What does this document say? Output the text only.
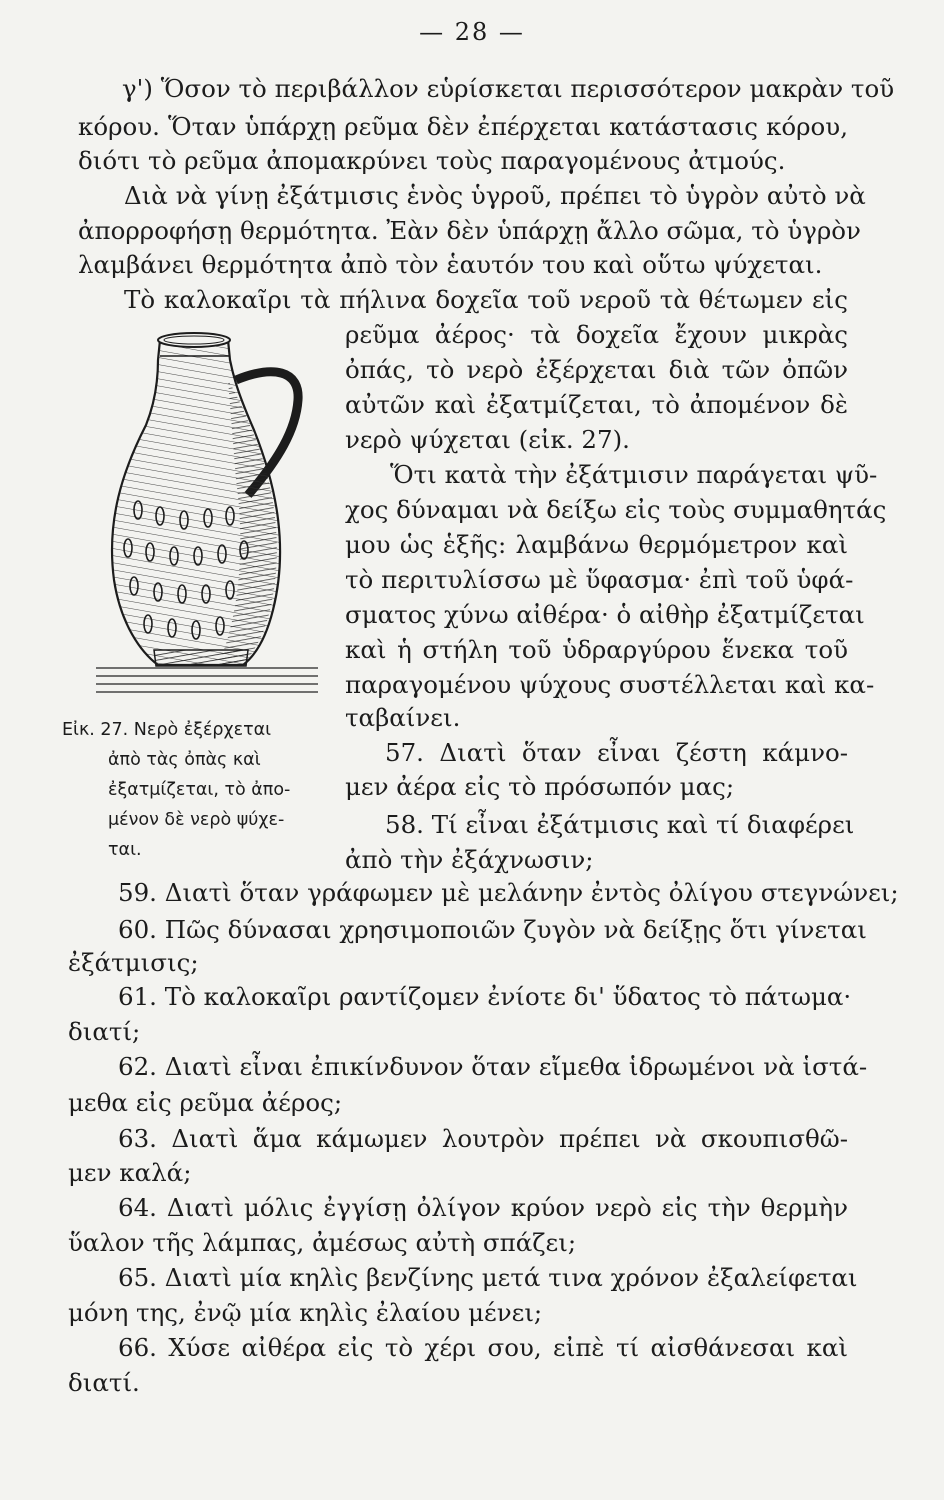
— 28 —
γ') Ὅσον τὸ περιβάλλον εὑρίσκεται περισσότερον μακρὰν τοῦ
κόρου. Ὅταν ὑπάρχῃ ρεῦμα δὲν ἐπέρχεται κατάστασις κόρου,
διότι τὸ ρεῦμα ἀπομακρύνει τοὺς παραγομένους ἀτμούς.
Διὰ νὰ γίνῃ ἐξάτμισις ἑνὸς ὑγροῦ, πρέπει τὸ ὑγρὸν αὐτὸ νὰ
ἀπορροφήσῃ θερμότητα. Ἐὰν δὲν ὑπάρχῃ ἄλλο σῶμα, τὸ ὑγρὸν
λαμβάνει θερμότητα ἀπὸ τὸν ἑαυτόν του καὶ οὕτω ψύχεται.
Τὸ καλοκαῖρι τὰ πήλινα δοχεῖα τοῦ νεροῦ τὰ θέτωμεν εἰς
ρεῦμα ἀέρος· τὰ δοχεῖα ἔχουν μικρὰς
ὀπάς, τὸ νερὸ ἐξέρχεται διὰ τῶν ὀπῶν
αὐτῶν καὶ ἐξατμίζεται, τὸ ἀπομένον δὲ
νερὸ ψύχεται (εἰκ. 27).
Ὅτι κατὰ τὴν ἐξάτμισιν παράγεται ψῦ-
χος δύναμαι νὰ δείξω εἰς τοὺς συμμαθητάς
μου ὡς ἑξῆς: λαμβάνω θερμόμετρον καὶ
τὸ περιτυλίσσω μὲ ὕφασμα· ἐπὶ τοῦ ὑφά-
σματος χύνω αἰθέρα· ὁ αἰθὴρ ἐξατμίζεται
καὶ ἡ στήλη τοῦ ὑδραργύρου ἕνεκα τοῦ
παραγομένου ψύχους συστέλλεται καὶ κα-
ταβαίνει.
57. Διατὶ ὅταν εἶναι ζέστη κάμνο-
μεν ἀέρα εἰς τὸ πρόσωπόν μας;
58. Τί εἶναι ἐξάτμισις καὶ τί διαφέρει
ἀπὸ τὴν ἐξάχνωσιν;
Εἰκ. 27. Νερὸ ἐξέρχεται
ἀπὸ τὰς ὀπὰς καὶ
ἐξατμίζεται, τὸ ἀπο-
μένον δὲ νερὸ ψύχε-
ται.
59. Διατὶ ὅταν γράφωμεν μὲ μελάνην ἐντὸς ὀλίγου στεγνώνει;
60. Πῶς δύνασαι χρησιμοποιῶν ζυγὸν νὰ δείξῃς ὅτι γίνεται
ἐξάτμισις;
61. Τὸ καλοκαῖρι ραντίζομεν ἐνίοτε δι' ὕδατος τὸ πάτωμα·
διατί;
62. Διατὶ εἶναι ἐπικίνδυνον ὅταν εἴμεθα ἱδρωμένοι νὰ ἱστά-
μεθα εἰς ρεῦμα ἀέρος;
63. Διατὶ ἅμα κάμωμεν λουτρὸν πρέπει νὰ σκουπισθῶ-
μεν καλά;
64. Διατὶ μόλις ἐγγίσῃ ὀλίγον κρύον νερὸ εἰς τὴν θερμὴν
ὕαλον τῆς λάμπας, ἀμέσως αὐτὴ σπάζει;
65. Διατὶ μία κηλὶς βενζίνης μετά τινα χρόνον ἐξαλείφεται
μόνη της, ἐνῷ μία κηλὶς ἐλαίου μένει;
66. Χύσε αἰθέρα εἰς τὸ χέρι σου, εἰπὲ τί αἰσθάνεσαι καὶ
διατί.
